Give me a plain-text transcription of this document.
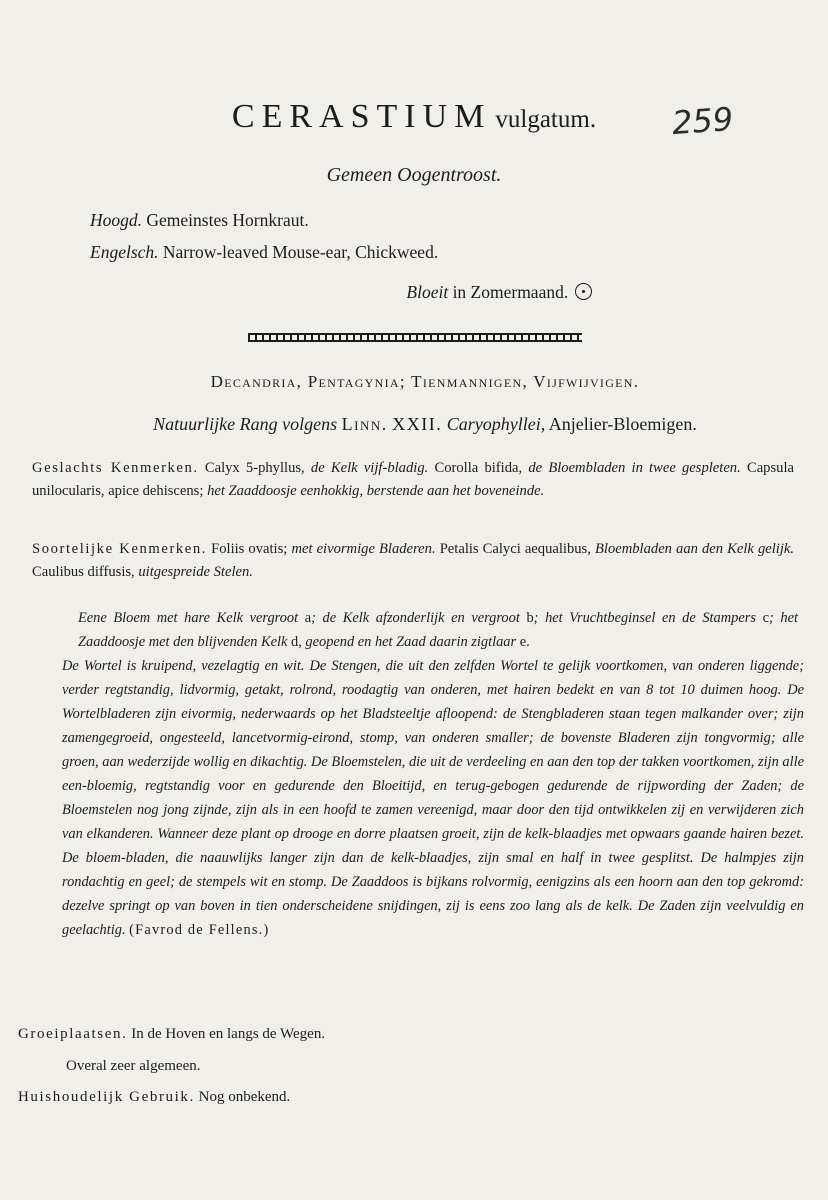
CERASTIUM vulgatum.	259
Gemeen Oogentroost.
Hoogd. Gemeinstes Hornkraut.
Engelsch. Narrow-leaved Mouse-ear, Chickweed.
Bloeit in Zomermaand.
Decandria, Pentagynia; Tienmannigen, Vijfwijvigen.
Natuurlijke Rang volgens Linn. XXII. Caryophyllei, Anjelier-Bloemigen.
Geslachts Kenmerken. Calyx 5-phyllus, de Kelk vijf-bladig. Corolla bifida, de Bloembladen in twee gespleten. Capsula unilocularis, apice dehiscens; het Zaaddoosje eenhokkig, berstende aan het boveneinde.
Soortelijke Kenmerken. Foliis ovatis; met eivormige Bladeren. Petalis Calyci aequalibus, Bloembladen aan den Kelk gelijk. Caulibus diffusis, uitgespreide Stelen.
Eene Bloem met hare Kelk vergroot a; de Kelk afzonderlijk en vergroot b; het Vruchtbeginsel en de Stampers c; het Zaaddoosje met den blijvenden Kelk d, geopend en het Zaad daarin zigtlaar e.
De Wortel is kruipend, vezelagtig en wit. De Stengen, die uit den zelfden Wortel te gelijk voortkomen, van onderen liggende; verder regtstandig, lidvormig, getakt, rolrond, roodagtig van onderen, met hairen bedekt en van 8 tot 10 duimen hoog. De Wortelbladeren zijn eivormig, nederwaards op het Bladsteeltje afloopend: de Stengbladeren staan tegen malkander over; zijn zamengegroeid, ongesteeld, lancetvormig-eirond, stomp, van onderen smaller; de bovenste Bladeren zijn tongvormig; alle groen, aan wederzijde wollig en dikachtig. De Bloemstelen, die uit de verdeeling en aan den top der takken voortkomen, zijn alle een-bloemig, regtstandig voor en gedurende den Bloeitijd, en terug-gebogen gedurende de rijpwording der Zaden; de Bloemstelen nog jong zijnde, zijn als in een hoofd te zamen vereenigd, maar door den tijd ontwikkelen zij en verwijderen zich van elkanderen. Wanneer deze plant op drooge en dorre plaatsen groeit, zijn de kelk-blaadjes met opwaars gaande hairen bezet. De bloem-bladen, die naauwlijks langer zijn dan de kelk-blaadjes, zijn smal en half in twee gesplitst. De halmpjes zijn rondachtig en geel; de stempels wit en stomp. De Zaaddoos is bijkans rolvormig, eenigzins als een hoorn aan den top gekromd: dezelve springt op van boven in tien onderscheidene snijdingen, zij is eens zoo lang als de kelk. De Zaden zijn veelvuldig en geelachtig. (Favrod de Fellens.)
Groeiplaatsen. In de Hoven en langs de Wegen.
Overal zeer algemeen.
Huishoudelijk Gebruik. Nog onbekend.
